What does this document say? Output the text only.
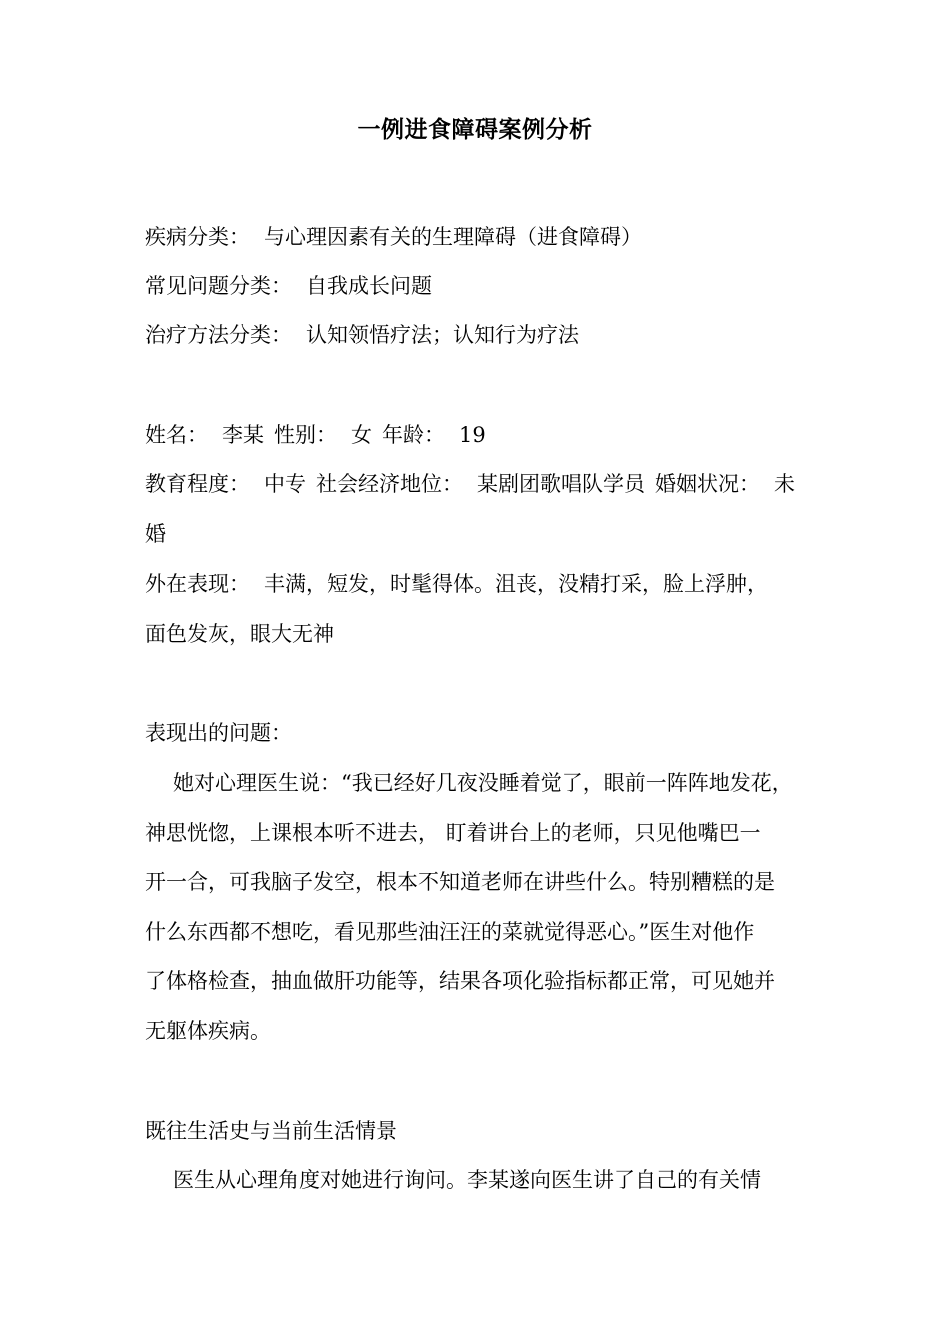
一例进食障碍案例分析
疾病分类： 与心理因素有关的生理障碍（进食障碍）
常见问题分类： 自我成长问题
治疗方法分类： 认知领悟疗法；认知行为疗法
姓名： 李某 性别： 女 年龄： 19
教育程度： 中专 社会经济地位： 某剧团歌唱队学员 婚姻状况： 未
婚
外在表现： 丰满，短发，时髦得体。沮丧，没精打采，脸上浮肿，
面色发灰，眼大无神
表现出的问题：
她对心理医生说：“我已经好几夜没睡着觉了，眼前一阵阵地发花，
神思恍惚，上课根本听不进去， 盯着讲台上的老师，只见他嘴巴一
开一合，可我脑子发空，根本不知道老师在讲些什么。特别糟糕的是
什么东西都不想吃，看见那些油汪汪的菜就觉得恶心。”医生对他作
了体格检查，抽血做肝功能等，结果各项化验指标都正常，可见她并
无躯体疾病。
既往生活史与当前生活情景
医生从心理角度对她进行询问。李某遂向医生讲了自己的有关情
